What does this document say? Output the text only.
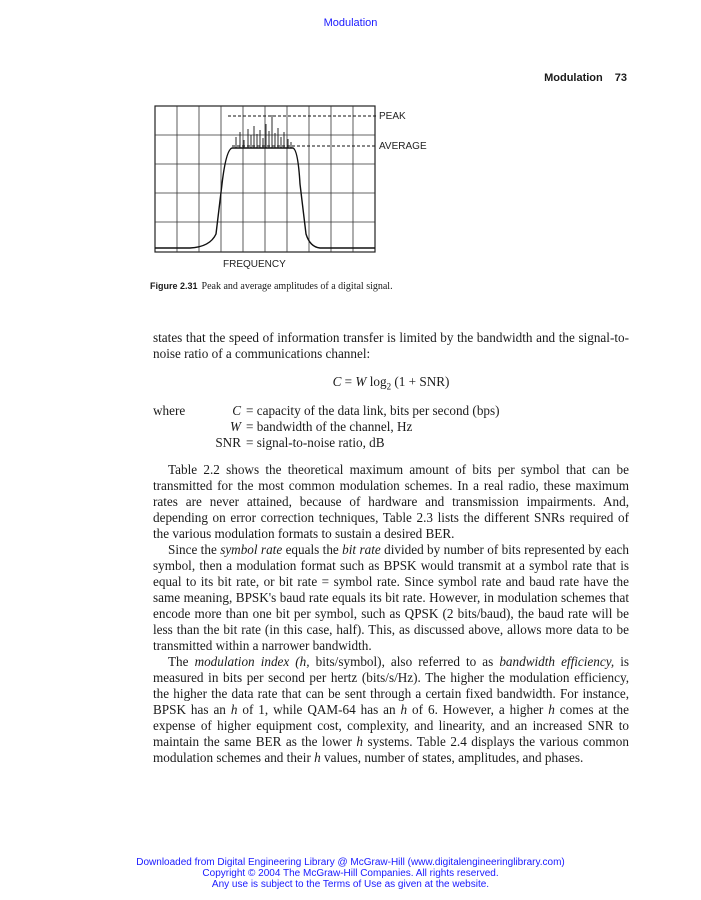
Modulation
Modulation 73
PEAK
AVERAGE
FREQUENCY
Figure 2.31 Peak and average amplitudes of a digital signal.

states that the speed of information transfer is limited by the bandwidth and the signal-to-noise ratio of a communications channel:

C = W $\log_2 (1 + SNR)$
where	C = capacity of the data link, bits per second (bps)
W = bandwidth of the channel, Hz
SNR = signal-to-noise ratio, dB

Table 2.2 shows the theoretical maximum amount of bits per symbol that can be transmitted for the most common modulation schemes. In a real radio, these maximum rates are never attained, because of hardware and transmission impairments. And, depending on error correction techniques, Table 2.3 lists the different SNRs required of the various modulation formats to sustain a desired BER.

Since the symbol rate equals the bit rate divided by number of bits represented by each symbol, then a modulation format such as BPSK would transmit at a symbol rate that is equal to its bit rate, or bit rate = symbol rate. Since symbol rate and baud rate have the same meaning, BPSK's baud rate equals its bit rate. However, in modulation schemes that encode more than one bit per symbol, such as QPSK (2 bits/baud), the baud rate will be less than the bit rate (in this case, half). This, as discussed above, allows more data to be transmitted within a narrower bandwidth.

The modulation index (h, bits/symbol), also referred to as bandwidth efficiency, is measured in bits per second per hertz (bits/s/Hz). The higher the modulation efficiency, the higher the data rate that can be sent through a certain fixed bandwidth. For instance, BPSK has an h of 1, while QAM-64 has an h of 6. However, a higher h comes at the expense of higher equipment cost, complexity, and linearity, and an increased SNR to maintain the same BER as the lower h systems. Table 2.4 displays the various common modulation schemes and their h values, number of states, amplitudes, and phases.

Downloaded from Digital Engineering Library @ McGraw-Hill (www.digitalengineeringlibrary.com)
Copyright © 2004 The McGraw-Hill Companies. All rights reserved.
Any use is subject to the Terms of Use as given at the website.
